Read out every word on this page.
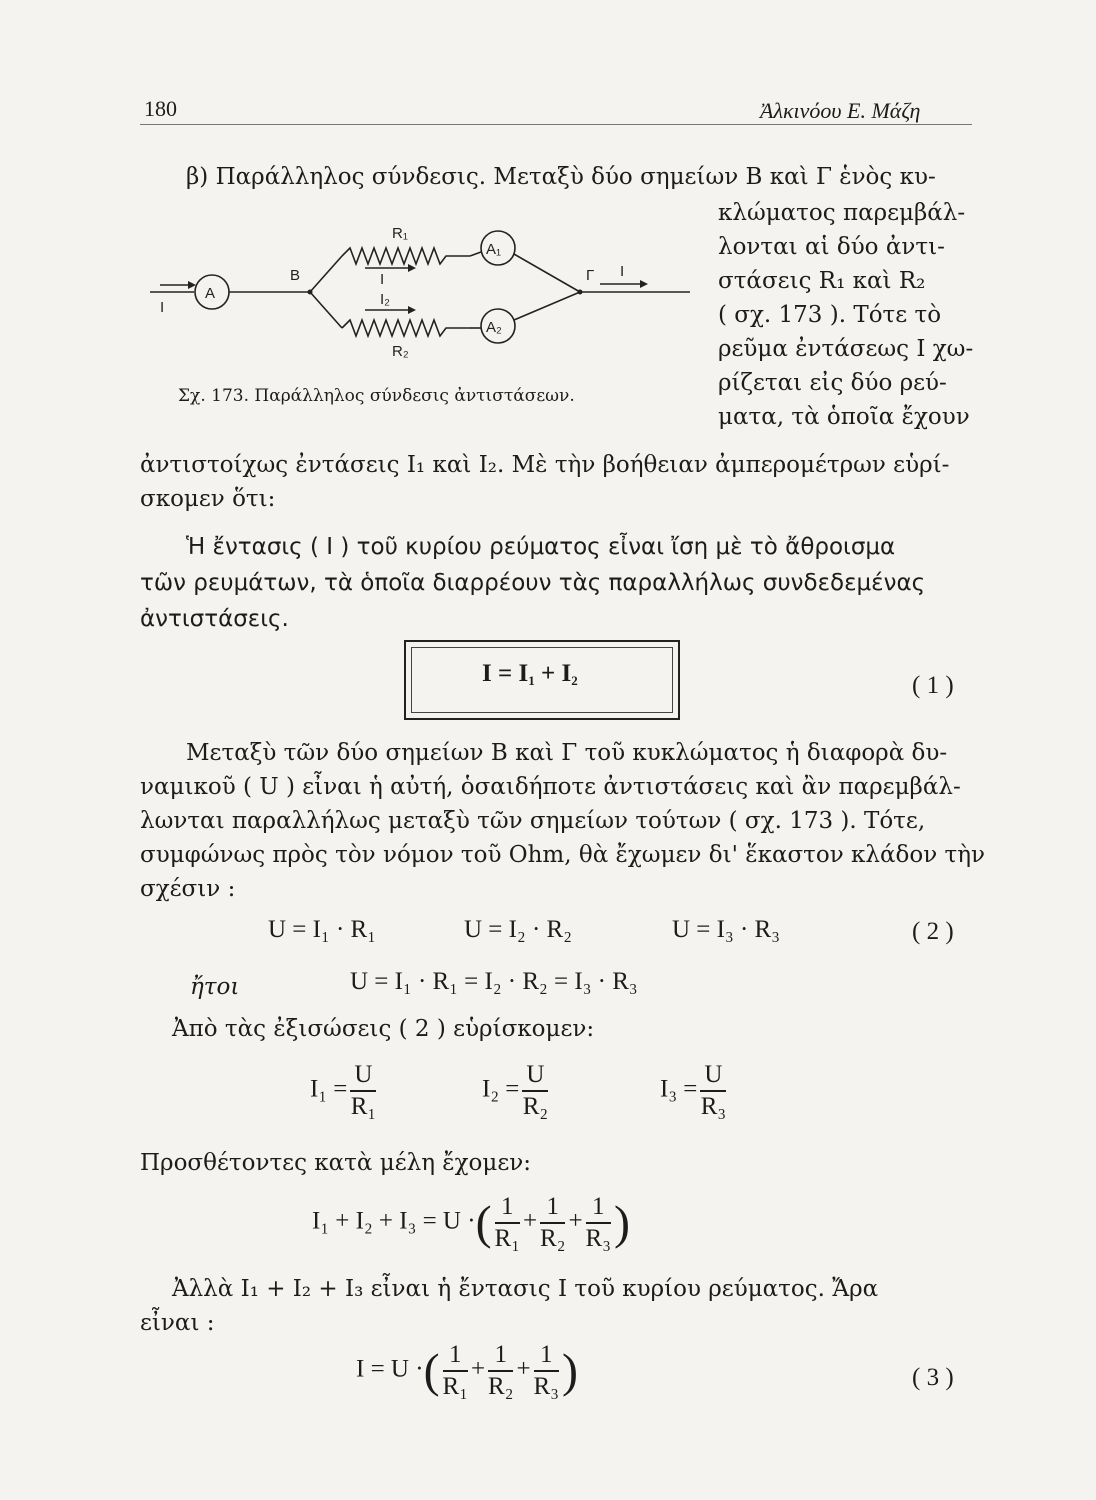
180	Ἀλκινόου Ε. Μάζη
β) Παράλληλος σύνδεσις. Μεταξὺ δύο σημείων Β καὶ Γ ἑνὸς κυ-
κλώματος παρεμβάλ-
λονται αἱ δύο ἀντι-
στάσεις R₁ καὶ R₂
( σχ. 173 ). Τότε τὸ
ρεῦμα ἐντάσεως I χω-
ρίζεται εἰς δύο ρεύ-
ματα, τὰ ὁποῖα ἔχουν
A
A₁
A₂
B	Γ
R₁
R₂
I
I
I
I₂
Σχ. 173. Παράλληλος σύνδεσις ἀντιστάσεων.
ἀντιστοίχως ἐντάσεις I₁ καὶ I₂. Μὲ τὴν βοήθειαν ἀμπερομέτρων εὑρί-
σκομεν ὅτι:
Ἡ ἔντασις ( I ) τοῦ κυρίου ρεύματος εἶναι ἴση μὲ τὸ ἄθροισμα
τῶν ρευμάτων, τὰ ὁποῖα διαρρέουν τὰς παραλλήλως συνδεδεμένας
ἀντιστάσεις.
$I = I_1 + I_2$	( 1 )
Μεταξὺ τῶν δύο σημείων Β καὶ Γ τοῦ κυκλώματος ἡ διαφορὰ δυ-
ναμικοῦ ( U ) εἶναι ἡ αὐτή, ὁσαιδήποτε ἀντιστάσεις καὶ ἂν παρεμβάλ-
λωνται παραλλήλως μεταξὺ τῶν σημείων τούτων ( σχ. 173 ). Τότε,
συμφώνως πρὸς τὸν νόμον τοῦ Ohm, θὰ ἔχωμεν δι' ἕκαστον κλάδον τὴν
σχέσιν :
U = I₁ · R₁	U = I₂ · R₂	U = I₃ · R₃	( 2 )
ἤτοι	U = I₁ · R₁ = I₂ · R₂ = I₃ · R₃
Ἀπὸ τὰς ἐξισώσεις ( 2 ) εὑρίσκομεν:
$I_1 = \frac{U}{\text{R₁}}$	$I_2 = \frac{U}{\text{R₂}}$	$I_3 = \frac{U}{\text{R₃}}$
Προσθέτοντες κατὰ μέλη ἔχομεν:
I₁ + I₂ + I₃ = U ·( $\frac{1}{\text{R₁}} + \frac{1}{\text{R₂}} + \frac{1}{\text{R₃}}$ )
Ἀλλὰ I₁ + I₂ + I₃ εἶναι ἡ ἔντασις I τοῦ κυρίου ρεύματος. Ἄρα
εἶναι :
I = U ·( $\frac{1}{\text{R₁}} + \frac{1}{\text{R₂}} + \frac{1}{\text{R₃}}$ )	( 3 )
